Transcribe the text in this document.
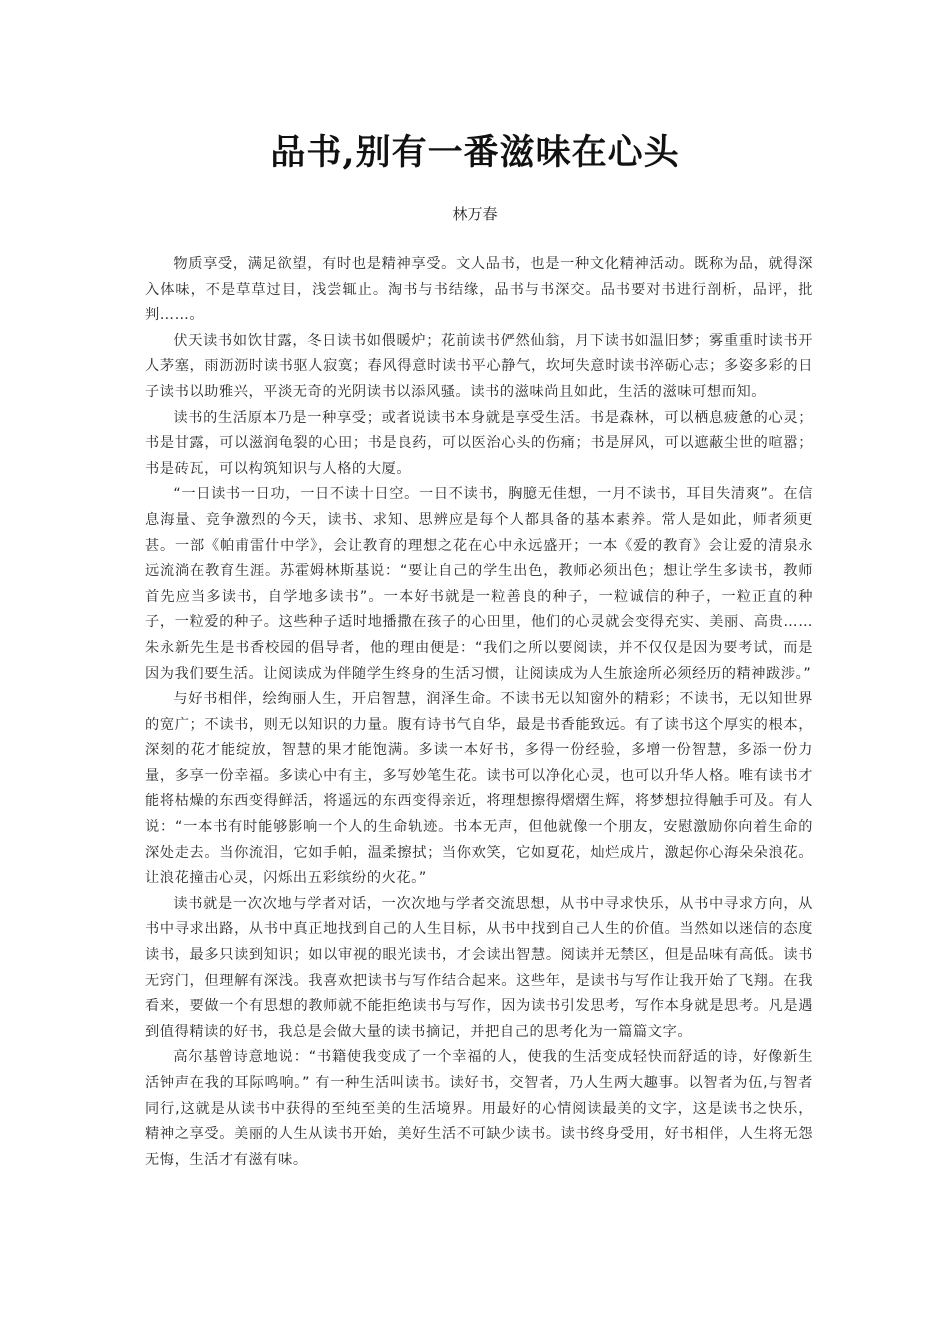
品书,别有一番滋味在心头
林万春

物质享受，满足欲望，有时也是精神享受。文人品书，也是一种文化精神活动。既称为品，就得深入体味，不是草草过目，浅尝辄止。淘书与书结缘，品书与书深交。品书要对书进行剖析，品评，批判……。

伏天读书如饮甘露，冬日读书如偎暖炉；花前读书俨然仙翁，月下读书如温旧梦；雾重重时读书开人茅塞，雨沥沥时读书驱人寂寞；春风得意时读书平心静气，坎坷失意时读书淬砺心志；多姿多彩的日子读书以助雅兴，平淡无奇的光阴读书以添风骚。读书的滋味尚且如此，生活的滋味可想而知。

读书的生活原本乃是一种享受；或者说读书本身就是享受生活。书是森林，可以栖息疲惫的心灵；书是甘露，可以滋润龟裂的心田；书是良药，可以医治心头的伤痛；书是屏风，可以遮蔽尘世的喧嚣；书是砖瓦，可以构筑知识与人格的大厦。

“一日读书一日功，一日不读十日空。一日不读书，胸臆无佳想，一月不读书，耳目失清爽”。在信息海量、竞争激烈的今天，读书、求知、思辨应是每个人都具备的基本素养。常人是如此，师者须更甚。一部《帕甫雷什中学》，会让教育的理想之花在心中永远盛开；一本《爱的教育》会让爱的清泉永远流淌在教育生涯。苏霍姆林斯基说：“要让自己的学生出色，教师必须出色；想让学生多读书，教师首先应当多读书，自学地多读书”。一本好书就是一粒善良的种子，一粒诚信的种子，一粒正直的种子，一粒爱的种子。这些种子适时地播撒在孩子的心田里，他们的心灵就会变得充实、美丽、高贵……朱永新先生是书香校园的倡导者，他的理由便是：“我们之所以要阅读，并不仅仅是因为要考试，而是因为我们要生活。让阅读成为伴随学生终身的生活习惯，让阅读成为人生旅途所必须经历的精神跋涉。”

与好书相伴，绘绚丽人生，开启智慧，润泽生命。不读书无以知窗外的精彩；不读书，无以知世界的宽广；不读书，则无以知识的力量。腹有诗书气自华，最是书香能致远。有了读书这个厚实的根本，深刻的花才能绽放，智慧的果才能饱满。多读一本好书，多得一份经验，多增一份智慧，多添一份力量，多享一份幸福。多读心中有主，多写妙笔生花。读书可以净化心灵，也可以升华人格。唯有读书才能将枯燥的东西变得鲜活，将遥远的东西变得亲近，将理想擦得熠熠生辉，将梦想拉得触手可及。有人说：“一本书有时能够影响一个人的生命轨迹。书本无声，但他就像一个朋友，安慰激励你向着生命的深处走去。当你流泪，它如手帕，温柔擦拭；当你欢笑，它如夏花，灿烂成片，激起你心海朵朵浪花。让浪花撞击心灵，闪烁出五彩缤纷的火花。”

读书就是一次次地与学者对话，一次次地与学者交流思想，从书中寻求快乐，从书中寻求方向，从书中寻求出路，从书中真正地找到自己的人生目标，从书中找到自己人生的价值。当然如以迷信的态度读书，最多只读到知识；如以审视的眼光读书，才会读出智慧。阅读并无禁区，但是品味有高低。读书无窍门，但理解有深浅。我喜欢把读书与写作结合起来。这些年，是读书与写作让我开始了飞翔。在我看来，要做一个有思想的教师就不能拒绝读书与写作，因为读书引发思考，写作本身就是思考。凡是遇到值得精读的好书，我总是会做大量的读书摘记，并把自己的思考化为一篇篇文字。

高尔基曾诗意地说：“书籍使我变成了一个幸福的人，使我的生活变成轻快而舒适的诗，好像新生活钟声在我的耳际鸣响。” 有一种生活叫读书。读好书，交智者，乃人生两大趣事。以智者为伍,与智者同行,这就是从读书中获得的至纯至美的生活境界。用最好的心情阅读最美的文字，这是读书之快乐，精神之享受。美丽的人生从读书开始，美好生活不可缺少读书。读书终身受用，好书相伴，人生将无怨无悔，生活才有滋有味。
